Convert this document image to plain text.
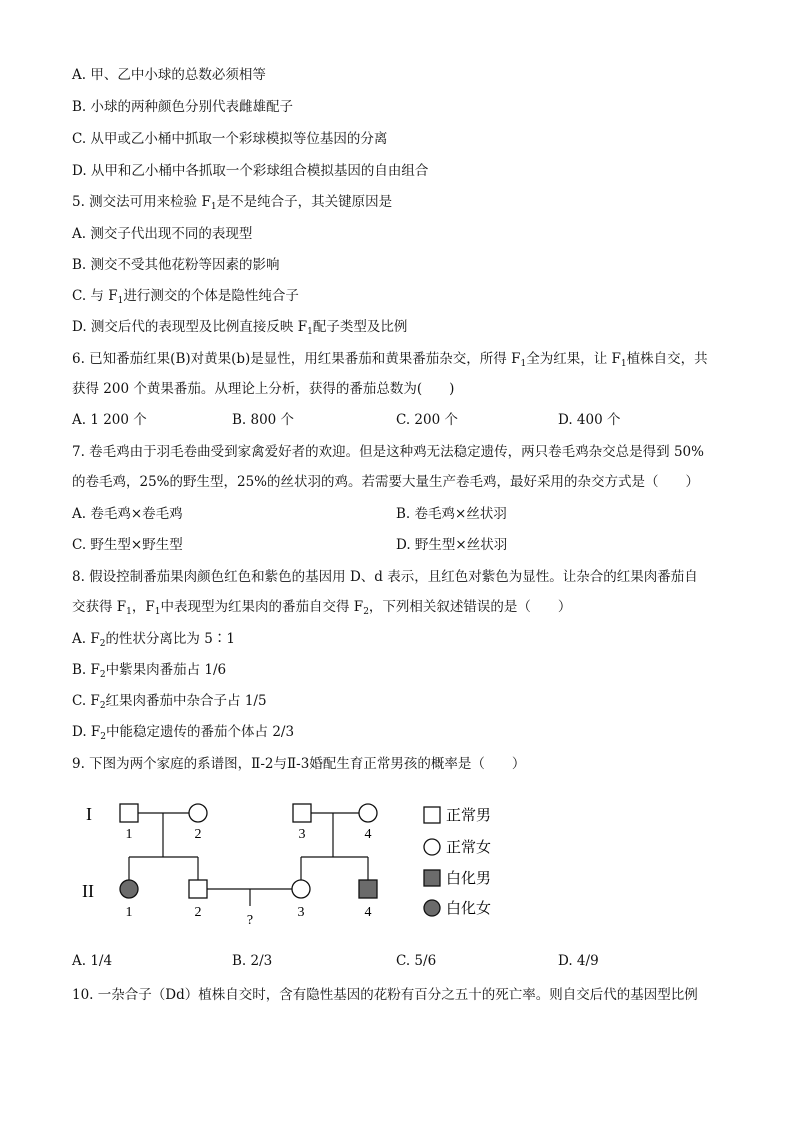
A. 甲、乙中小球的总数必须相等
B. 小球的两种颜色分别代表雌雄配子
C. 从甲或乙小桶中抓取一个彩球模拟等位基因的分离
D. 从甲和乙小桶中各抓取一个彩球组合模拟基因的自由组合
5. 测交法可用来检验 $F_1$是不是纯合子，其关键原因是
A. 测交子代出现不同的表现型
B. 测交不受其他花粉等因素的影响
C. 与 $F_1$进行测交的个体是隐性纯合子
D. 测交后代的表现型及比例直接反映 $F_1$配子类型及比例
6. 已知番茄红果(B)对黄果(b)是显性，用红果番茄和黄果番茄杂交，所得 $F_1$全为红果，让 $F_1$植株自交，共
获得 200 个黄果番茄。从理论上分析，获得的番茄总数为(　　)
A. 1 200 个	B. 800 个	C. 200 个	D. 400 个
7. 卷毛鸡由于羽毛卷曲受到家禽爱好者的欢迎。但是这种鸡无法稳定遗传，两只卷毛鸡杂交总是得到 50%
的卷毛鸡，25%的野生型，25%的丝状羽的鸡。若需要大量生产卷毛鸡，最好采用的杂交方式是（　　）
A. 卷毛鸡×卷毛鸡	B. 卷毛鸡×丝状羽
C. 野生型×野生型	D. 野生型×丝状羽
8. 假设控制番茄果肉颜色红色和紫色的基因用 D、d 表示，且红色对紫色为显性。让杂合的红果肉番茄自
交获得 $F_1$，$F_1$中表现型为红果肉的番茄自交得 $F_2$，下列相关叙述错误的是（　　）
A. $F_2$的性状分离比为 5∶1
B. $F_2$中紫果肉番茄占 1/6
C. $F_2$红果肉番茄中杂合子占 1/5
D. $F_2$中能稳定遗传的番茄个体占 2/3
9. 下图为两个家庭的系谱图，Ⅱ-2与Ⅱ-3婚配生育正常男孩的概率是（　　）
I
II
1	2	3	4
?
1	2	3	4
正常男
正常女
白化男
白化女
A. 1/4	B. 2/3	C. 5/6	D. 4/9
10. 一杂合子（Dd）植株自交时，含有隐性基因的花粉有百分之五十的死亡率。则自交后代的基因型比例
